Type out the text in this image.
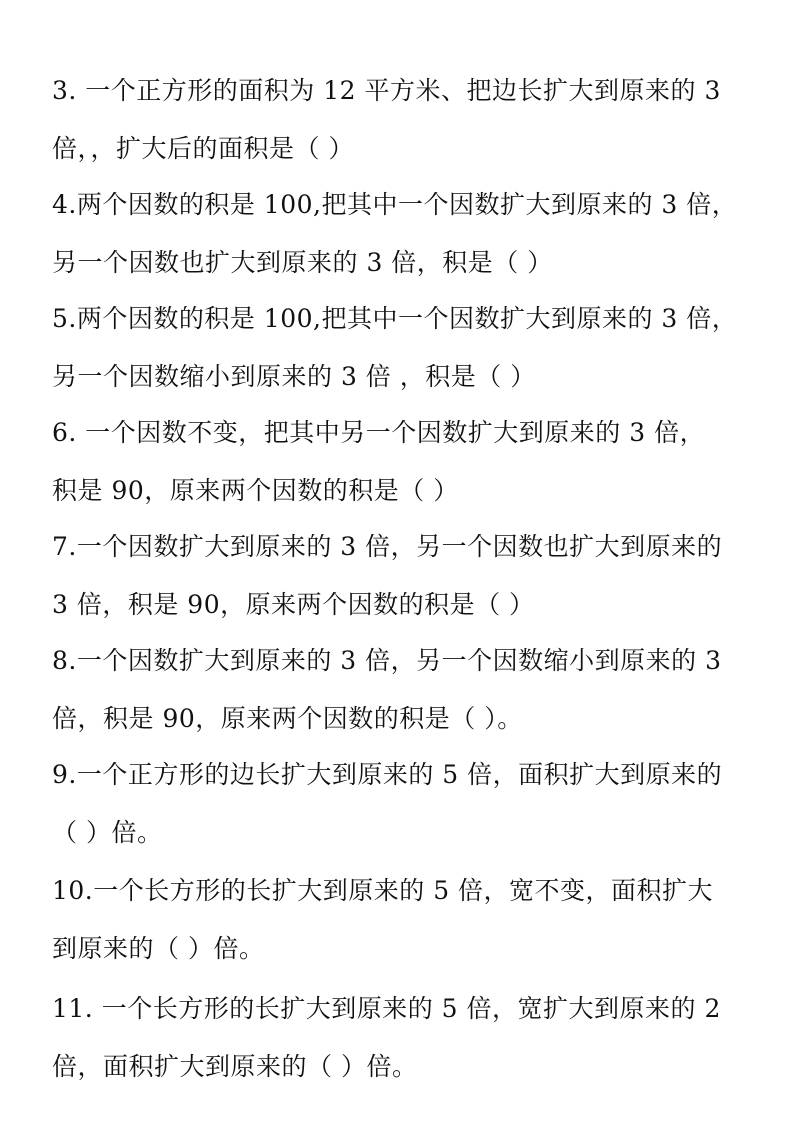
3. 一个正方形的面积为 12 平方米、把边长扩大到原来的 3
倍，，扩大后的面积是（ ）
4.两个因数的积是 100,把其中一个因数扩大到原来的 3 倍，
另一个因数也扩大到原来的 3 倍，积是（ ）
5.两个因数的积是 100,把其中一个因数扩大到原来的 3 倍，
另一个因数缩小到原来的 3 倍 ，积是（ ）
6. 一个因数不变，把其中另一个因数扩大到原来的 3 倍，
积是 90，原来两个因数的积是（ ）
7.一个因数扩大到原来的 3 倍，另一个因数也扩大到原来的
3 倍，积是 90，原来两个因数的积是（ ）
8.一个因数扩大到原来的 3 倍，另一个因数缩小到原来的 3
倍，积是 90，原来两个因数的积是（ ）。
9.一个正方形的边长扩大到原来的 5 倍，面积扩大到原来的
（ ）倍。
10.一个长方形的长扩大到原来的 5 倍，宽不变，面积扩大
到原来的（ ）倍。
11. 一个长方形的长扩大到原来的 5 倍，宽扩大到原来的 2
倍，面积扩大到原来的（ ）倍。
